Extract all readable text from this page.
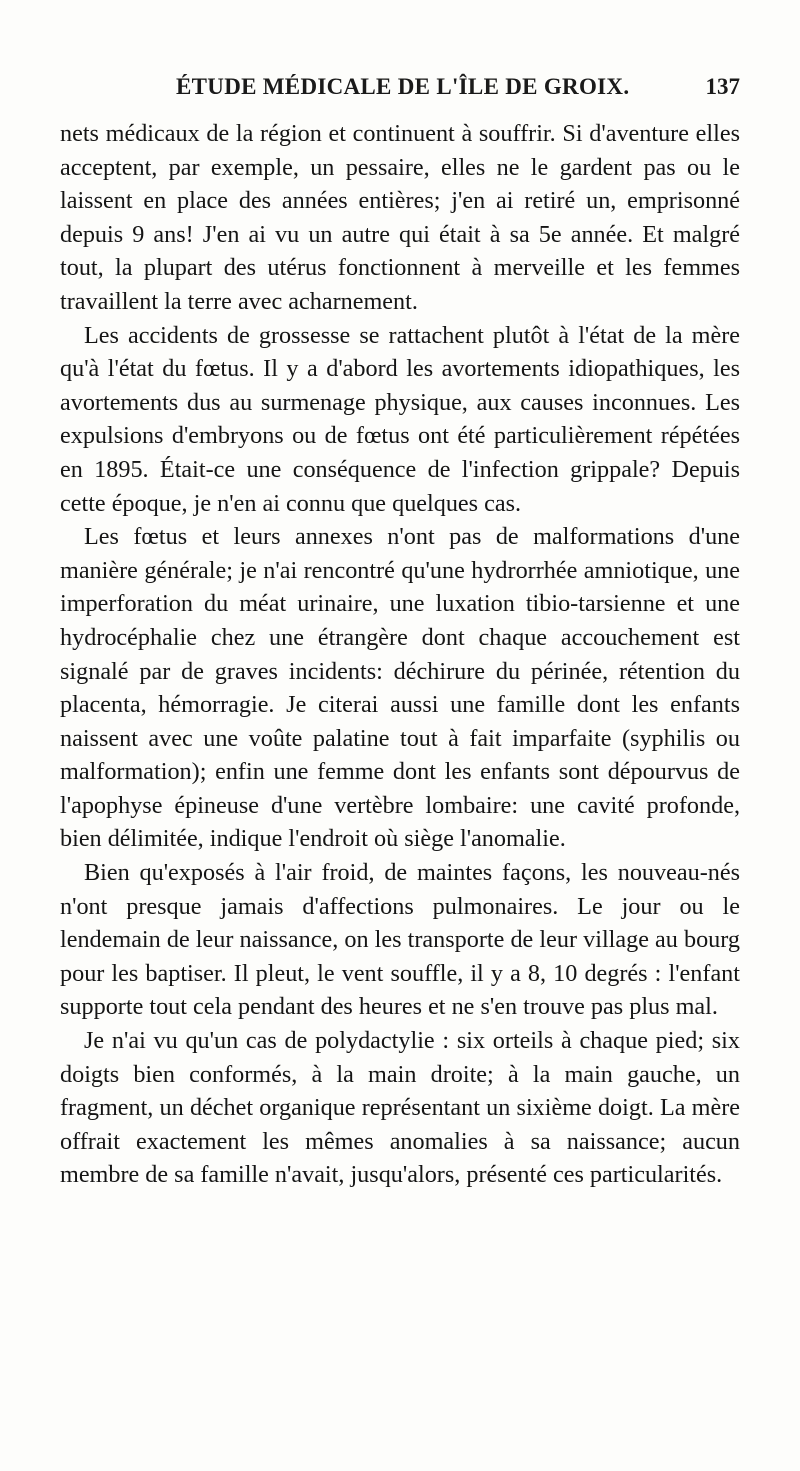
ÉTUDE MÉDICALE DE L'ÎLE DE GROIX.	137

nets médicaux de la région et continuent à souffrir. Si d'aventure elles acceptent, par exemple, un pessaire, elles ne le gardent pas ou le laissent en place des années entières; j'en ai retiré un, emprisonné depuis 9 ans! J'en ai vu un autre qui était à sa 5e année. Et malgré tout, la plupart des utérus fonctionnent à merveille et les femmes travaillent la terre avec acharnement.

Les accidents de grossesse se rattachent plutôt à l'état de la mère qu'à l'état du fœtus. Il y a d'abord les avortements idiopathiques, les avortements dus au surmenage physique, aux causes inconnues. Les expulsions d'embryons ou de fœtus ont été particulièrement répétées en 1895. Était-ce une conséquence de l'infection grippale? Depuis cette époque, je n'en ai connu que quelques cas.

Les fœtus et leurs annexes n'ont pas de malformations d'une manière générale; je n'ai rencontré qu'une hydrorrhée amniotique, une imperforation du méat urinaire, une luxation tibio-tarsienne et une hydrocéphalie chez une étrangère dont chaque accouchement est signalé par de graves incidents: déchirure du périnée, rétention du placenta, hémorragie. Je citerai aussi une famille dont les enfants naissent avec une voûte palatine tout à fait imparfaite (syphilis ou malformation); enfin une femme dont les enfants sont dépourvus de l'apophyse épineuse d'une vertèbre lombaire: une cavité profonde, bien délimitée, indique l'endroit où siège l'anomalie.

Bien qu'exposés à l'air froid, de maintes façons, les nouveau-nés n'ont presque jamais d'affections pulmonaires. Le jour ou le lendemain de leur naissance, on les transporte de leur village au bourg pour les baptiser. Il pleut, le vent souffle, il y a 8, 10 degrés : l'enfant supporte tout cela pendant des heures et ne s'en trouve pas plus mal.

Je n'ai vu qu'un cas de polydactylie : six orteils à chaque pied; six doigts bien conformés, à la main droite; à la main gauche, un fragment, un déchet organique représentant un sixième doigt. La mère offrait exactement les mêmes anomalies à sa naissance; aucun membre de sa famille n'avait, jusqu'alors, présenté ces particularités.
